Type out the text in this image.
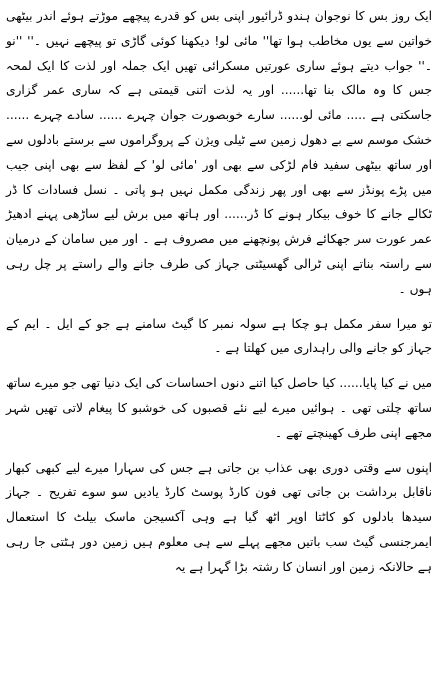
ایک روز بس کا نوجوان ہندو ڈرائیور اپنی بس کو قدرے پیچھے موڑتے ہوئے اندر بیٹھی خواتین سے یوں مخاطب ہوا تھا'' مائی لو! دیکھنا کوئی گاڑی تو پیچھے نہیں ۔'' ''نو ۔'' جواب دیتے ہوئے ساری عورتیں مسکرائی تھیں ایک جملہ اور لذت کا ایک لمحہ جس کا وہ مالک بنا تھا...... اور یہ لذت اتنی قیمتی ہے کہ ساری عمر گزاری جاسکتی ہے ..... مائی لو...... سارے خوبصورت جوان چہرے ...... سادے چہرے ...... خشک موسم سے بے دھول زمین سے ٹیلی ویژن کے پروگراموں سے برستے بادلوں سے اور ساتھ بیٹھی سفید فام لڑکی سے بھی اور 'مائی لو' کے لفظ سے بھی اپنی جیب میں پڑے پونڈز سے بھی اور پھر زندگی مکمل نہیں ہو پاتی ۔ نسل فسادات کا ڈر ٹکالے جانے کا خوف بیکار ہونے کا ڈر...... اور ہاتھ میں برش لیے ساڑھی پہنے ادھیڑ عمر عورت سر جھکائے فرش پونچھنے میں مصروف ہے ۔ اور میں سامان کے درمیان سے راستہ بناتے اپنی ٹرالی گھسیٹتی جہاز کی طرف جانے والے راستے پر چل رہی ہوں ۔

تو میرا سفر مکمل ہو چکا ہے سولہ نمبر کا گیٹ سامنے ہے جو کے ایل ۔ ایم کے جہاز کو جانے والی راہداری میں کھلتا ہے ۔

میں نے کیا پایا...... کیا حاصل کیا اتنے دنوں احساسات کی ایک دنیا تھی جو میرے ساتھ ساتھ چلتی تھی ۔ ہوائیں میرے لیے نئے قصبوں کی خوشبو کا پیغام لاتی تھیں شہر مجھے اپنی طرف کھینچتے تھے ۔

اپنوں سے وقتی دوری بھی عذاب بن جاتی ہے جس کی سہارا میرے لیے کبھی کبھار ناقابل برداشت بن جاتی تھی فون کارڈ پوسٹ کارڈ یادیں سو سوے تفریح ۔ جہاز سیدھا بادلوں کو کاٹتا اوپر اٹھ گیا ہے وہی آکسیجن ماسک بیلٹ کا استعمال ایمرجنسی گیٹ سب باتیں مجھے پہلے سے ہی معلوم ہیں زمین دور ہٹتی جا رہی ہے حالانکہ زمین اور انسان کا رشتہ بڑا گہرا ہے یہ
